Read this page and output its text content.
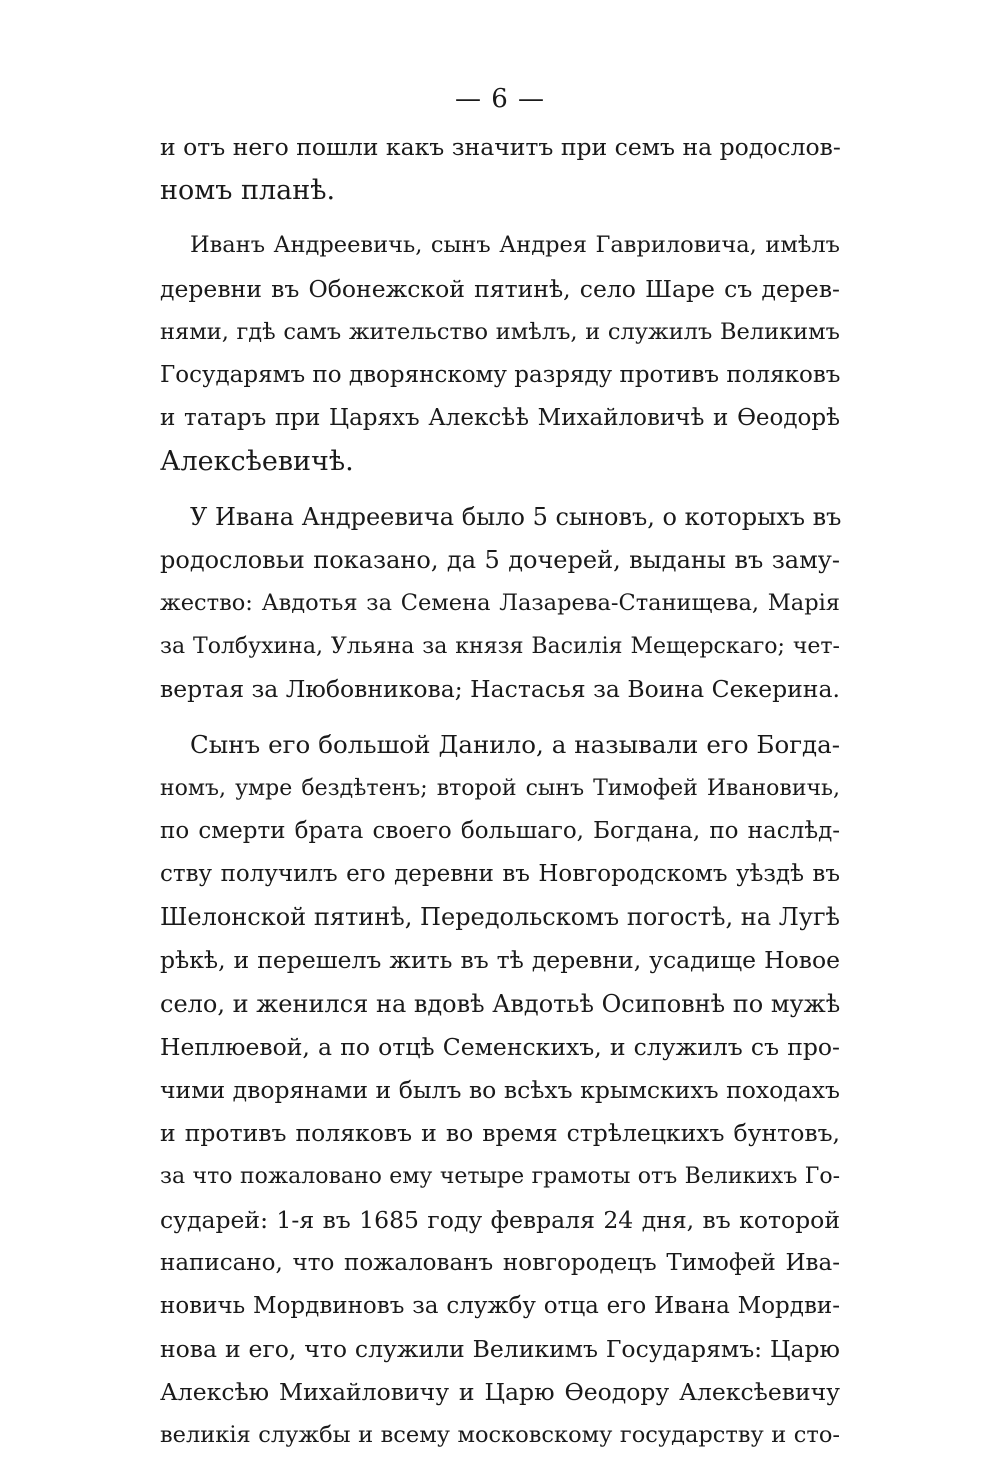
— 6 —
и отъ него пошли какъ значитъ при семъ на родослов-
номъ планѣ.
Иванъ Андреевичь, сынъ Андрея Гавриловича, имѣлъ
деревни въ Обонежской пятинѣ, село Шаре съ дерев-
нями, гдѣ самъ жительство имѣлъ, и служилъ Великимъ
Государямъ по дворянскому разряду противъ поляковъ
и татаръ при Царяхъ Алексѣѣ Михайловичѣ и Өеодорѣ
Алексѣевичѣ.
У Ивана Андреевича было 5 сыновъ, о которыхъ въ
родословьи показано, да 5 дочерей, выданы въ заму-
жество: Авдотья за Семена Лазарева-Станищева, Марія
за Толбухина, Ульяна за князя Василія Мещерскаго; чет-
вертая за Любовникова; Настасья за Воина Секерина.
Сынъ его большой Данило, а называли его Богда-
номъ, умре бездѣтенъ; второй сынъ Тимофей Ивановичь,
по смерти брата своего большаго, Богдана, по наслѣд-
ству получилъ его деревни въ Новгородскомъ уѣздѣ въ
Шелонской пятинѣ, Передольскомъ погостѣ, на Лугѣ
рѣкѣ, и перешелъ жить въ тѣ деревни, усадище Новое
село, и женился на вдовѣ Авдотьѣ Осиповнѣ по мужѣ
Неплюевой, а по отцѣ Семенскихъ, и служилъ съ про-
чими дворянами и былъ во всѣхъ крымскихъ походахъ
и противъ поляковъ и во время стрѣлецкихъ бунтовъ,
за что пожаловано ему четыре грамоты отъ Великихъ Го-
сударей: 1-я въ 1685 году февраля 24 дня, въ которой
написано, что пожалованъ новгородецъ Тимофей Ива-
новичь Мордвиновъ за службу отца его Ивана Мордви-
нова и его, что служили Великимъ Государямъ: Царю
Алексѣю Михайловичу и Царю Өеодору Алексѣевичу
великія службы и всему московскому государству и сто-
